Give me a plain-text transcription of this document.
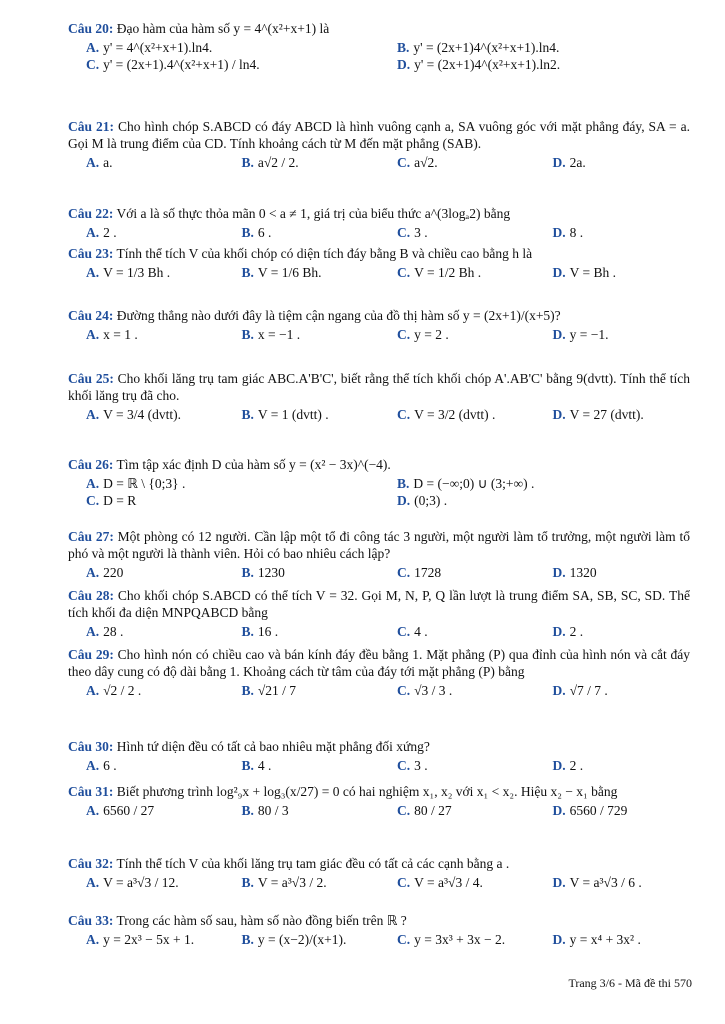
Câu 20: Đạo hàm của hàm số y = 4^(x²+x+1) là
A. y' = 4^(x²+x+1).ln4.	B. y' = (2x+1)4^(x²+x+1).ln4.
C. y' = (2x+1).4^(x²+x+1) / ln4.	D. y' = (2x+1)4^(x²+x+1).ln2.
Câu 21: Cho hình chóp S.ABCD có đáy ABCD là hình vuông cạnh a, SA vuông góc với mặt phẳng đáy, SA = a. Gọi M là trung điểm của CD. Tính khoảng cách từ M đến mặt phẳng (SAB).
A. a.	B. a√2 / 2.	C. a√2.	D. 2a.
Câu 22: Với a là số thực thỏa mãn 0 < a ≠ 1, giá trị của biểu thức a^(3logₐ2) bằng
A. 2 .	B. 6 .	C. 3 .	D. 8 .
Câu 23: Tính thể tích V của khối chóp có diện tích đáy bằng B và chiều cao bằng h là
A. V = 1/3 Bh .	B. V = 1/6 Bh.	C. V = 1/2 Bh .	D. V = Bh .
Câu 24: Đường thẳng nào dưới đây là tiệm cận ngang của đồ thị hàm số y = (2x+1)/(x+5)?
A. x = 1 .	B. x = −1 .	C. y = 2 .	D. y = −1.
Câu 25: Cho khối lăng trụ tam giác ABC.A'B'C', biết rằng thể tích khối chóp A'.AB'C' bằng 9(dvtt). Tính thể tích khối lăng trụ đã cho.
A. V = 3/4 (dvtt).	B. V = 1 (dvtt) .	C. V = 3/2 (dvtt) .	D. V = 27 (dvtt).
Câu 26: Tìm tập xác định D của hàm số y = (x² − 3x)^(−4).
A. D = ℝ \ {0;3} .	B. D = (−∞;0) ∪ (3;+∞) .
C. D = R	D. (0;3) .
Câu 27: Một phòng có 12 người. Cần lập một tổ đi công tác 3 người, một người làm tổ trưởng, một người làm tổ phó và một người là thành viên. Hỏi có bao nhiêu cách lập?
A. 220	B. 1230	C. 1728	D. 1320
Câu 28: Cho khối chóp S.ABCD có thể tích V = 32. Gọi M, N, P, Q lần lượt là trung điểm SA, SB, SC, SD. Thể tích khối đa diện MNPQABCD bằng
A. 28 .	B. 16 .	C. 4 .	D. 2 .
Câu 29: Cho hình nón có chiều cao và bán kính đáy đều bằng 1. Mặt phẳng (P) qua đỉnh của hình nón và cắt đáy theo dây cung có độ dài bằng 1. Khoảng cách từ tâm của đáy tới mặt phẳng (P) bằng
A. √2 / 2 .	B. √21 / 7	C. √3 / 3 .	D. √7 / 7 .
Câu 30: Hình tứ diện đều có tất cả bao nhiêu mặt phẳng đối xứng?
A. 6 .	B. 4 .	C. 3 .	D. 2 .
Câu 31: Biết phương trình log²₉x + log₃(x/27) = 0 có hai nghiệm x₁, x₂ với x₁ < x₂. Hiệu x₂ − x₁ bằng
A. 6560 / 27	B. 80 / 3	C. 80 / 27	D. 6560 / 729
Câu 32: Tính thể tích V của khối lăng trụ tam giác đều có tất cả các cạnh bằng a .
A. V = a³√3 / 12.	B. V = a³√3 / 2.	C. V = a³√3 / 4.	D. V = a³√3 / 6 .
Câu 33: Trong các hàm số sau, hàm số nào đồng biến trên ℝ ?
A. y = 2x³ − 5x + 1.	B. y = (x−2)/(x+1).	C. y = 3x³ + 3x − 2.	D. y = x⁴ + 3x² .
Trang 3/6 - Mã đề thi 570
